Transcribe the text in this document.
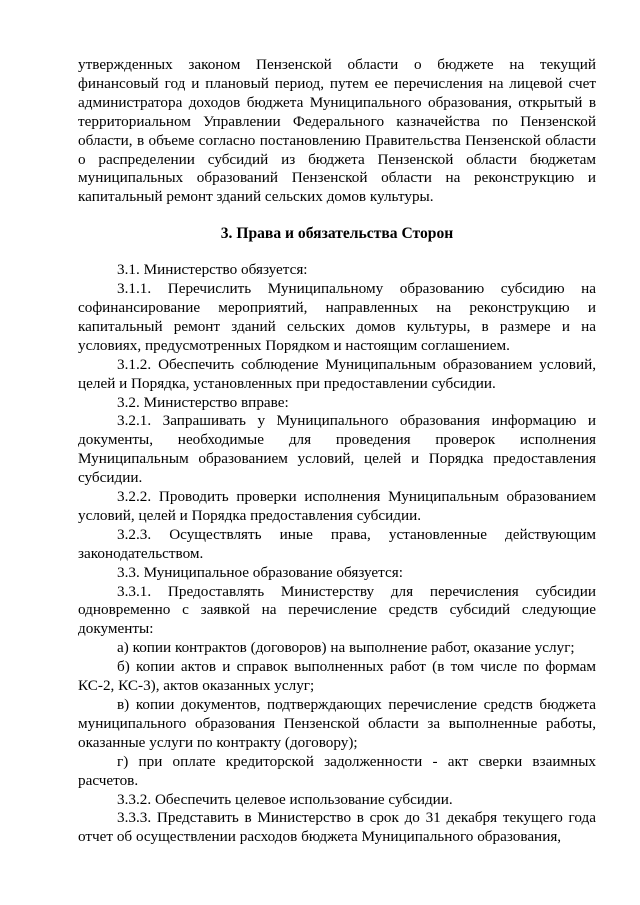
утвержденных законом Пензенской области о бюджете на текущий финансовый год и плановый период, путем ее перечисления на лицевой счет администратора доходов бюджета Муниципального образования, открытый в территориальном Управлении Федерального казначейства по Пензенской области, в объеме согласно постановлению Правительства Пензенской области о распределении субсидий из бюджета Пензенской области бюджетам муниципальных образований Пензенской области на реконструкцию и капитальный ремонт зданий сельских домов культуры.

3. Права и обязательства Сторон

3.1. Министерство обязуется:

3.1.1. Перечислить Муниципальному образованию субсидию на софинансирование мероприятий, направленных на реконструкцию и капитальный ремонт зданий сельских домов культуры, в размере и на условиях, предусмотренных Порядком и настоящим соглашением.

3.1.2. Обеспечить соблюдение Муниципальным образованием условий, целей и Порядка, установленных при предоставлении субсидии.

3.2. Министерство вправе:

3.2.1. Запрашивать у Муниципального образования информацию и документы, необходимые для проведения проверок исполнения Муниципальным образованием условий, целей и Порядка предоставления субсидии.

3.2.2. Проводить проверки исполнения Муниципальным образованием условий, целей и Порядка предоставления субсидии.

3.2.3. Осуществлять иные права, установленные действующим законодательством.

3.3. Муниципальное образование обязуется:

3.3.1. Предоставлять Министерству для перечисления субсидии одновременно с заявкой на перечисление средств субсидий следующие документы:

а) копии контрактов (договоров) на выполнение работ, оказание услуг;

б) копии актов и справок выполненных работ (в том числе по формам КС-2, КС-3), актов оказанных услуг;

в) копии документов, подтверждающих перечисление средств бюджета муниципального образования Пензенской области за выполненные работы, оказанные услуги по контракту (договору);

г) при оплате кредиторской задолженности - акт сверки взаимных расчетов.

3.3.2. Обеспечить целевое использование субсидии.

3.3.3. Представить в Министерство в срок до 31 декабря текущего года отчет об осуществлении расходов бюджета Муниципального образования,
